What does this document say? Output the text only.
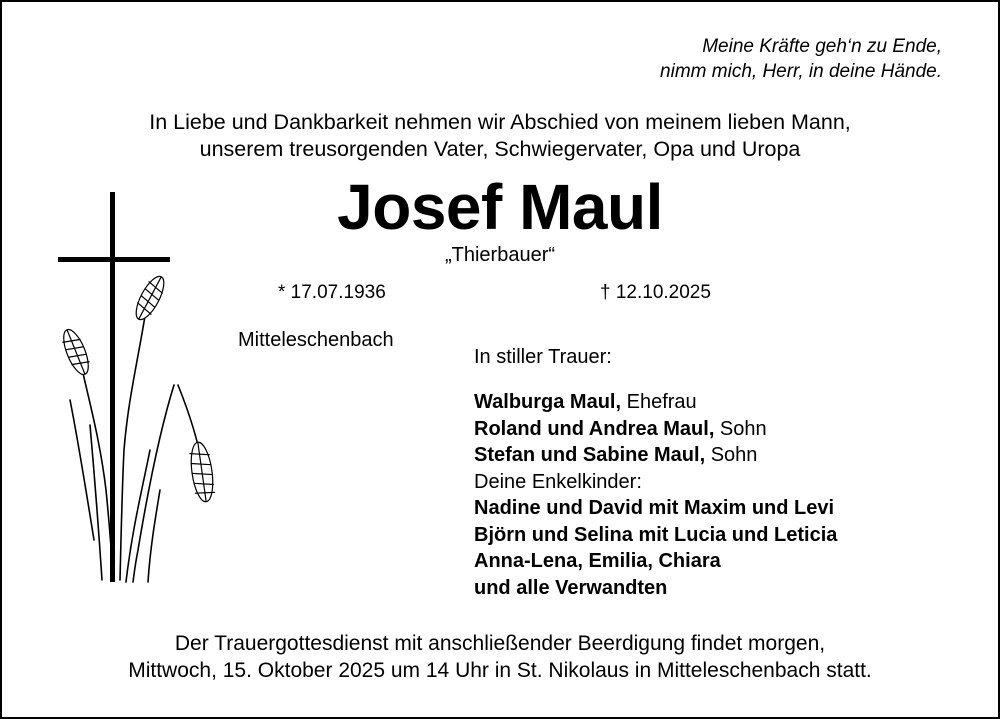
Meine Kräfte geh‘n zu Ende,
nimm mich, Herr, in deine Hände.
In Liebe und Dankbarkeit nehmen wir Abschied von meinem lieben Mann,
unserem treusorgenden Vater, Schwiegervater, Opa und Uropa
Josef Maul
„Thierbauer“
* 17.07.1936	† 12.10.2025
Mitteleschenbach
In stiller Trauer:
Walburga Maul, Ehefrau
Roland und Andrea Maul, Sohn
Stefan und Sabine Maul, Sohn
Deine Enkelkinder:
Nadine und David mit Maxim und Levi
Björn und Selina mit Lucia und Leticia
Anna-Lena, Emilia, Chiara
und alle Verwandten
Der Trauergottesdienst mit anschließender Beerdigung findet morgen,
Mittwoch, 15. Oktober 2025 um 14 Uhr in St. Nikolaus in Mitteleschenbach statt.
